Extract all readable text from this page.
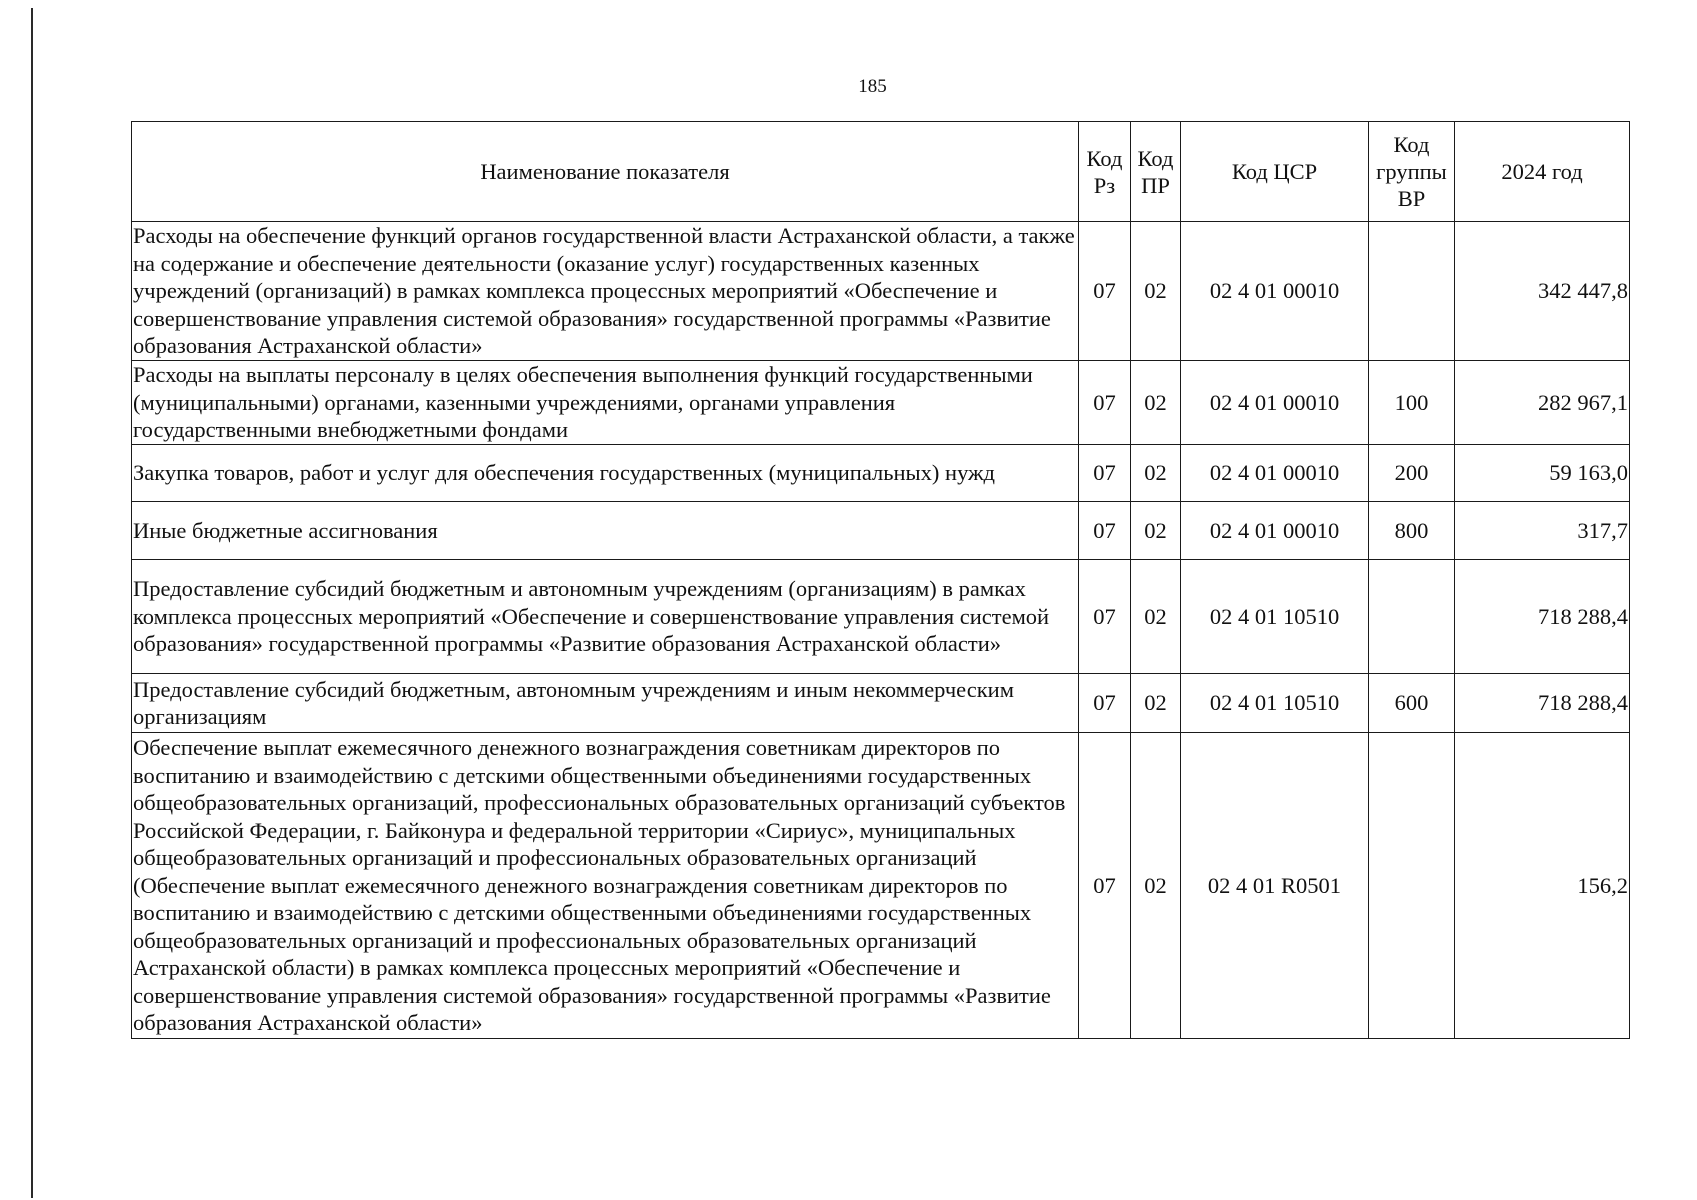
185
Наименование показателя	Код Рз	Код ПР	Код ЦСР	Код группы ВР	2024 год
Расходы на обеспечение функций органов государственной власти Астраханской области, а также на содержание и обеспечение деятельности (оказание услуг) государственных казенных учреждений (организаций) в рамках комплекса процессных мероприятий «Обеспечение и совершенствование управления системой образования» государственной программы «Развитие образования Астраханской области»	07	02	02 4 01 00010		342 447,8
Расходы на выплаты персоналу в целях обеспечения выполнения функций государственными (муниципальными) органами, казенными учреждениями, органами управления государственными внебюджетными фондами	07	02	02 4 01 00010	100	282 967,1
Закупка товаров, работ и услуг для обеспечения государственных (муниципальных) нужд	07	02	02 4 01 00010	200	59 163,0
Иные бюджетные ассигнования	07	02	02 4 01 00010	800	317,7
Предоставление субсидий бюджетным и автономным учреждениям (организациям) в рамках комплекса процессных мероприятий «Обеспечение и совершенствование управления системой образования» государственной программы «Развитие образования Астраханской области»	07	02	02 4 01 10510		718 288,4
Предоставление субсидий бюджетным, автономным учреждениям и иным некоммерческим организациям	07	02	02 4 01 10510	600	718 288,4
Обеспечение выплат ежемесячного денежного вознаграждения советникам директоров по воспитанию и взаимодействию с детскими общественными объединениями государственных общеобразовательных организаций, профессиональных образовательных организаций субъектов Российской Федерации, г. Байконура и федеральной территории «Сириус», муниципальных общеобразовательных организаций и профессиональных образовательных организаций (Обеспечение выплат ежемесячного денежного вознаграждения советникам директоров по воспитанию и взаимодействию с детскими общественными объединениями государственных общеобразовательных организаций и профессиональных образовательных организаций Астраханской области) в рамках комплекса процессных мероприятий «Обеспечение и совершенствование управления системой образования» государственной программы «Развитие образования Астраханской области»	07	02	02 4 01 R0501		156,2
